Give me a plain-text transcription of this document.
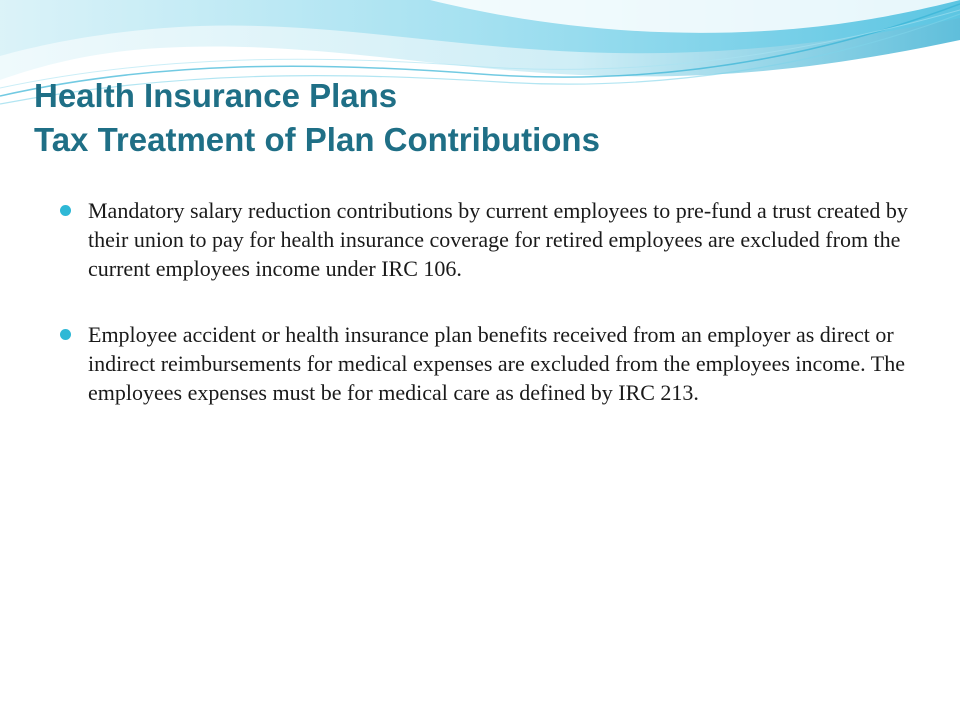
Health Insurance Plans
Tax Treatment of Plan Contributions
Mandatory salary reduction contributions by current employees to pre-fund a trust created by their union to pay for health insurance coverage for retired employees are excluded from the current employees income under IRC 106.
Employee accident or health insurance plan benefits received from an employer as direct or indirect reimbursements for medical expenses are excluded from the employees income. The employees expenses must be for medical care as defined by IRC 213.
